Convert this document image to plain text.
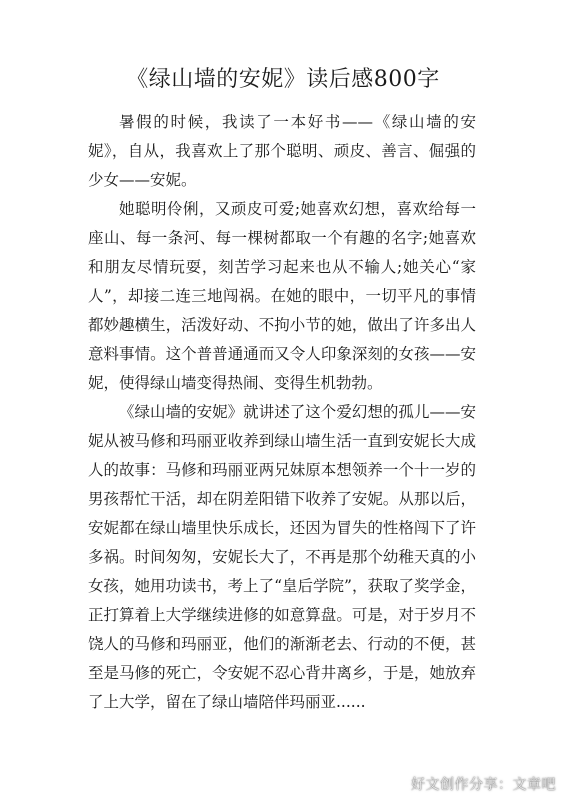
《绿山墙的安妮》读后感800字

暑假的时候，我读了一本好书——《绿山墙的安妮》，自从，我喜欢上了那个聪明、顽皮、善言、倔强的少女——安妮。

她聪明伶俐，又顽皮可爱;她喜欢幻想，喜欢给每一座山、每一条河、每一棵树都取一个有趣的名字;她喜欢和朋友尽情玩耍，刻苦学习起来也从不输人;她关心“家人”，却接二连三地闯祸。在她的眼中，一切平凡的事情都妙趣横生，活泼好动、不拘小节的她，做出了许多出人意料事情。这个普普通通而又令人印象深刻的女孩——安妮，使得绿山墙变得热闹、变得生机勃勃。

《绿山墙的安妮》就讲述了这个爱幻想的孤儿——安妮从被马修和玛丽亚收养到绿山墙生活一直到安妮长大成人的故事：马修和玛丽亚两兄妹原本想领养一个十一岁的男孩帮忙干活，却在阴差阳错下收养了安妮。从那以后，安妮都在绿山墙里快乐成长，还因为冒失的性格闯下了许多祸。时间匆匆，安妮长大了，不再是那个幼稚天真的小女孩，她用功读书，考上了“皇后学院”，获取了奖学金，正打算着上大学继续进修的如意算盘。可是，对于岁月不饶人的马修和玛丽亚，他们的渐渐老去、行动的不便，甚至是马修的死亡，令安妮不忍心背井离乡，于是，她放弃了上大学，留在了绿山墙陪伴玛丽亚......

好文创作分享：文章吧
